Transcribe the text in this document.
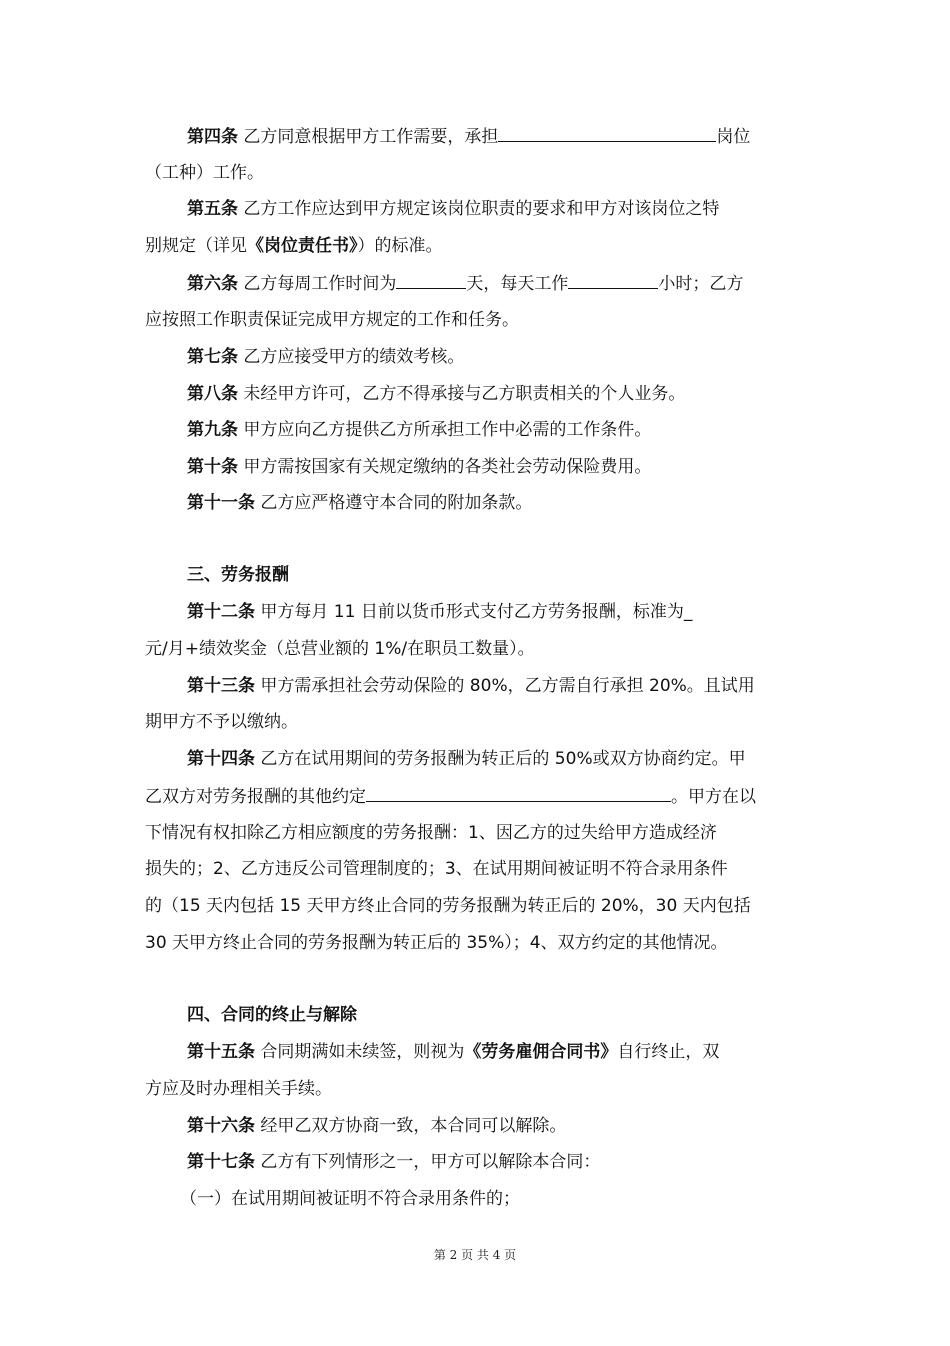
第四条 乙方同意根据甲方工作需要，承担	岗位
（工种）工作。
第五条 乙方工作应达到甲方规定该岗位职责的要求和甲方对该岗位之特
别规定（详见《岗位责任书》）的标准。
第六条 乙方每周工作时间为	天，每天工作	小时；乙方
应按照工作职责保证完成甲方规定的工作和任务。
第七条 乙方应接受甲方的绩效考核。
第八条 未经甲方许可，乙方不得承接与乙方职责相关的个人业务。
第九条 甲方应向乙方提供乙方所承担工作中必需的工作条件。
第十条 甲方需按国家有关规定缴纳的各类社会劳动保险费用。
第十一条 乙方应严格遵守本合同的附加条款。
三、劳务报酬
第十二条 甲方每月 11 日前以货币形式支付乙方劳务报酬，标准为_
元/月+绩效奖金（总营业额的 1%/在职员工数量）。
第十三条 甲方需承担社会劳动保险的 80%，乙方需自行承担 20%。且试用
期甲方不予以缴纳。
第十四条 乙方在试用期间的劳务报酬为转正后的 50%或双方协商约定。甲
乙双方对劳务报酬的其他约定	。甲方在以
下情况有权扣除乙方相应额度的劳务报酬：1、因乙方的过失给甲方造成经济
损失的；2、乙方违反公司管理制度的；3、在试用期间被证明不符合录用条件
的（15 天内包括 15 天甲方终止合同的劳务报酬为转正后的 20%，30 天内包括
30 天甲方终止合同的劳务报酬为转正后的 35%）；4、双方约定的其他情况。
四、合同的终止与解除
第十五条 合同期满如未续签，则视为《劳务雇佣合同书》自行终止，双
方应及时办理相关手续。
第十六条 经甲乙双方协商一致，本合同可以解除。
第十七条 乙方有下列情形之一，甲方可以解除本合同：
（一）在试用期间被证明不符合录用条件的；
第 2 页 共 4 页
